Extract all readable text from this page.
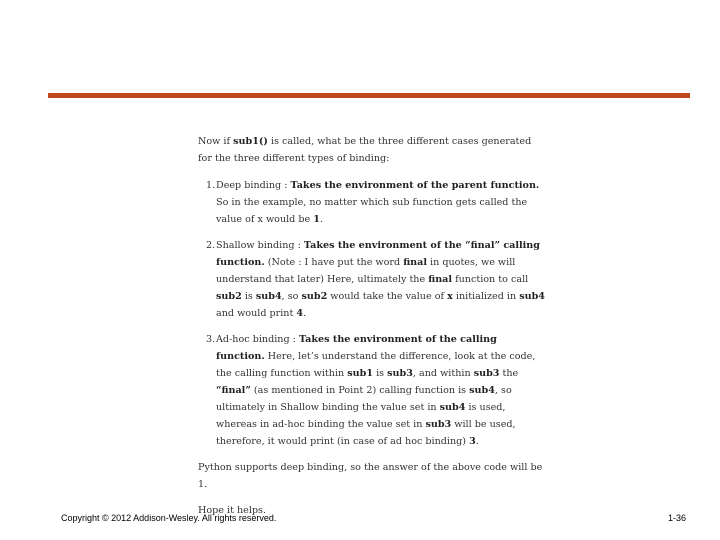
Now if sub1() is called, what be the three different cases generated for the three different types of binding:

1. Deep binding : Takes the environment of the parent function. So in the example, no matter which sub function gets called the value of x would be 1.
2. Shallow binding : Takes the environment of the “final” calling function. (Note : I have put the word final in quotes, we will understand that later) Here, ultimately the final function to call sub2 is sub4, so sub2 would take the value of x initialized in sub4 and would print 4.
3. Ad-hoc binding : Takes the environment of the calling function. Here, let’s understand the difference, look at the code, the calling function within sub1 is sub3, and within sub3 the “final” (as mentioned in Point 2) calling function is sub4, so ultimately in Shallow binding the value set in sub4 is used, whereas in ad-hoc binding the value set in sub3 will be used, therefore, it would print (in case of ad hoc binding) 3.

Python supports deep binding, so the answer of the above code will be 1.

Hope it helps.

Copyright © 2012 Addison-Wesley. All rights reserved.	1-36
